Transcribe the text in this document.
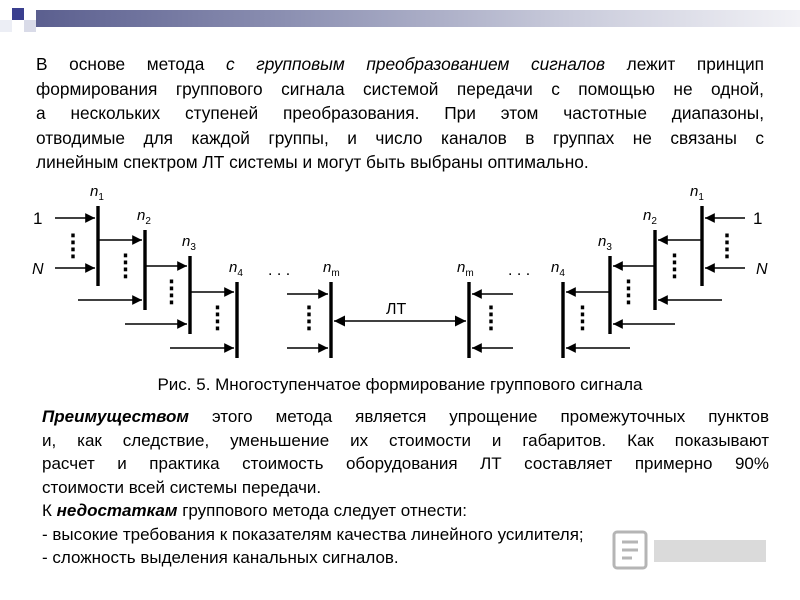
В основе метода с групповым преобразованием сигналов лежит принцип
формирования группового сигнала системой передачи с помощью не одной,
а нескольких ступеней преобразования. При этом частотные диапазоны,
отводимые для каждой группы, и число каналов в группах не связаны с
линейным спектром ЛТ системы и могут быть выбраны оптимально.

$n_1$
1
N
$n_2$
$n_3$
$n_4$	$n_m$
. . .
$n_1$
1
N
$n_2$
$n_3$
$n_4$
$n_m$ . . .
ЛТ
Рис. 5. Многоступенчатое формирование группового сигнала

Преимуществом этого метода является упрощение промежуточных пунктов
и, как следствие, уменьшение их стоимости и габаритов. Как показывают
расчет и практика стоимость оборудования ЛТ составляет примерно 90%
стоимости всей системы передачи.
К недостаткам группового метода следует отнести:
- высокие требования к показателям качества линейного усилителя;
- сложность выделения канальных сигналов.
